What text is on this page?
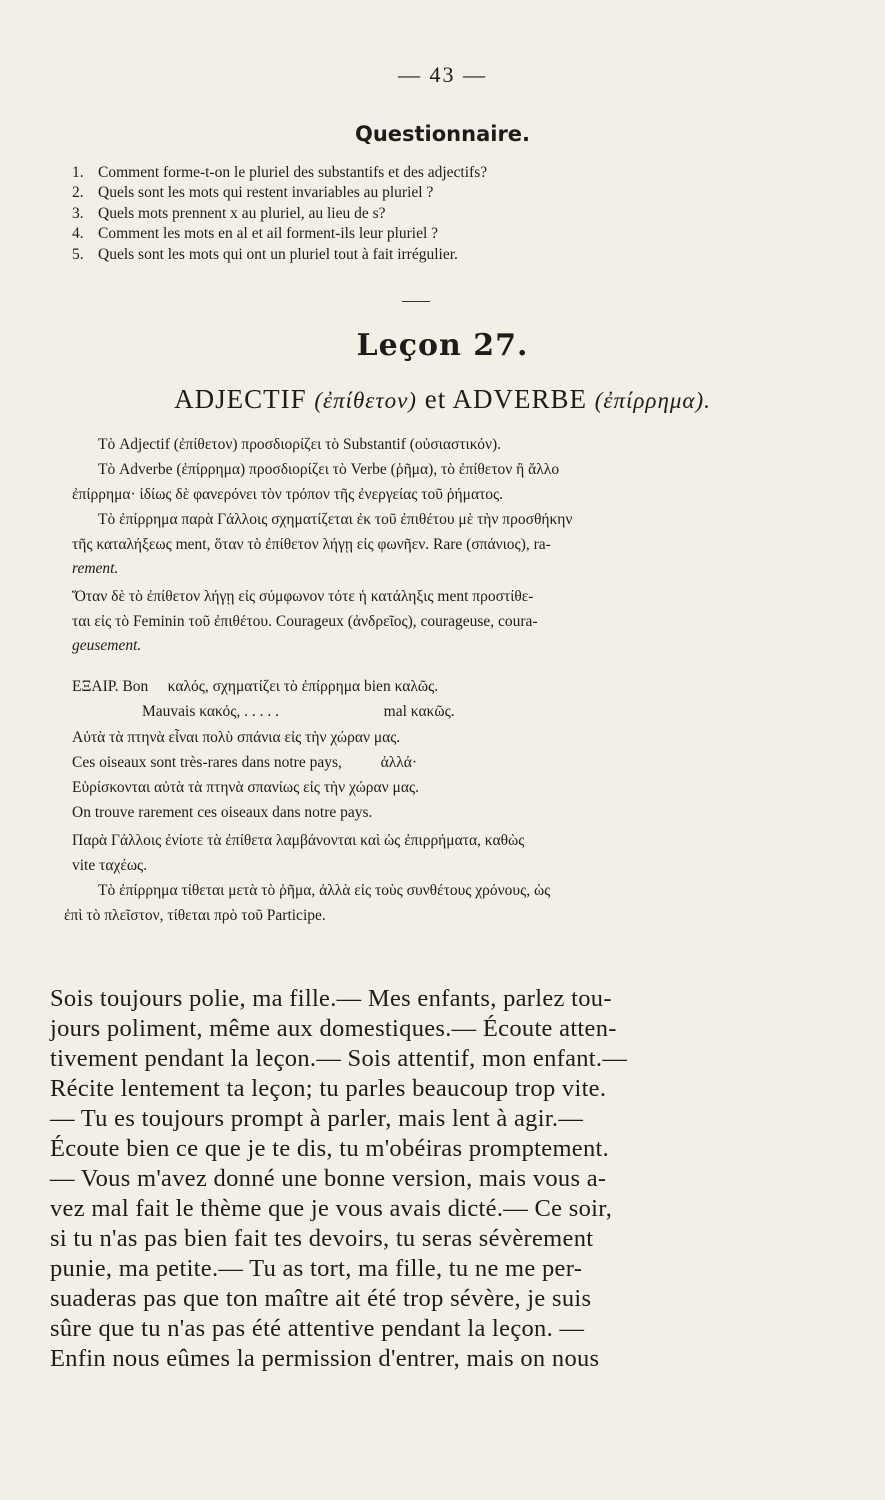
— 43 —
Questionnaire.
1. Comment forme-t-on le pluriel des substantifs et des adjectifs?
2. Quels sont les mots qui restent invariables au pluriel ?
3. Quels mots prennent x au pluriel, au lieu de s?
4. Comment les mots en al et ail forment-ils leur pluriel ?
5. Quels sont les mots qui ont un pluriel tout à fait irrégulier.
Leçon 27.
ADJECTIF (ἐπίθετον) et ADVERBE (ἐπίρρημα).
Τὸ Adjectif (ἐπίθετον) προσδιορίζει τὸ Substantif (οὐσιαστικόν).
Τὸ Adverbe (ἐπίρρημα) προσδιορίζει τὸ Verbe (ῥῆμα), τὸ ἐπίθετον ἢ ἄλλο
ἐπίρρημα· ἰδίως δὲ φανερόνει τὸν τρόπον τῆς ἐνεργείας τοῦ ῥήματος.
Τὸ ἐπίρρημα παρὰ Γάλλοις σχηματίζεται ἐκ τοῦ ἐπιθέτου μὲ τὴν προσθήκην
τῆς καταλήξεως ment, ὅταν τὸ ἐπίθετον λήγῃ εἰς φωνῆεν. Rare (σπάνιος), ra-
rement.
Ὅταν δὲ τὸ ἐπίθετον λήγῃ εἰς σύμφωνον τότε ἡ κατάληξις ment προστίθε-
ται εἰς τὸ Feminin τοῦ ἐπιθέτου. Courageux (ἀνδρεῖος), courageuse, coura-
geusement.
ΕΞΑΙΡ. Bon     καλός, σχηματίζει τὸ ἐπίρρημα bien καλῶς.
Mauvais κακός, . . . . .                           mal κακῶς.
Αὐτὰ τὰ πτηνὰ εἶναι πολὺ σπάνια εἰς τὴν χώραν μας.
Ces oiseaux sont très-rares dans notre pays,          ἀλλά·
Εὑρίσκονται αὐτὰ τὰ πτηνὰ σπανίως εἰς τὴν χώραν μας.
On trouve rarement ces oiseaux dans notre pays.
Παρὰ Γάλλοις ἐνίοτε τὰ ἐπίθετα λαμβάνονται καὶ ὡς ἐπιρρήματα, καθὼς
vite ταχέως.
Τὸ ἐπίρρημα τίθεται μετὰ τὸ ῥῆμα, ἀλλὰ εἰς τοὺς συνθέτους χρόνους, ὡς
ἐπὶ τὸ πλεῖστον, τίθεται πρὸ τοῦ Participe.
Sois toujours polie, ma fille.— Mes enfants, parlez tou-
jours poliment, même aux domestiques.— Écoute atten-
tivement pendant la leçon.— Sois attentif, mon enfant.—
Récite lentement ta leçon; tu parles beaucoup trop vite.
— Tu es toujours prompt à parler, mais lent à agir.—
Écoute bien ce que je te dis, tu m'obéiras promptement.
— Vous m'avez donné une bonne version, mais vous a-
vez mal fait le thème que je vous avais dicté.— Ce soir,
si tu n'as pas bien fait tes devoirs, tu seras sévèrement
punie, ma petite.— Tu as tort, ma fille, tu ne me per-
suaderas pas que ton maître ait été trop sévère, je suis
sûre que tu n'as pas été attentive pendant la leçon. —
Enfin nous eûmes la permission d'entrer, mais on nous
